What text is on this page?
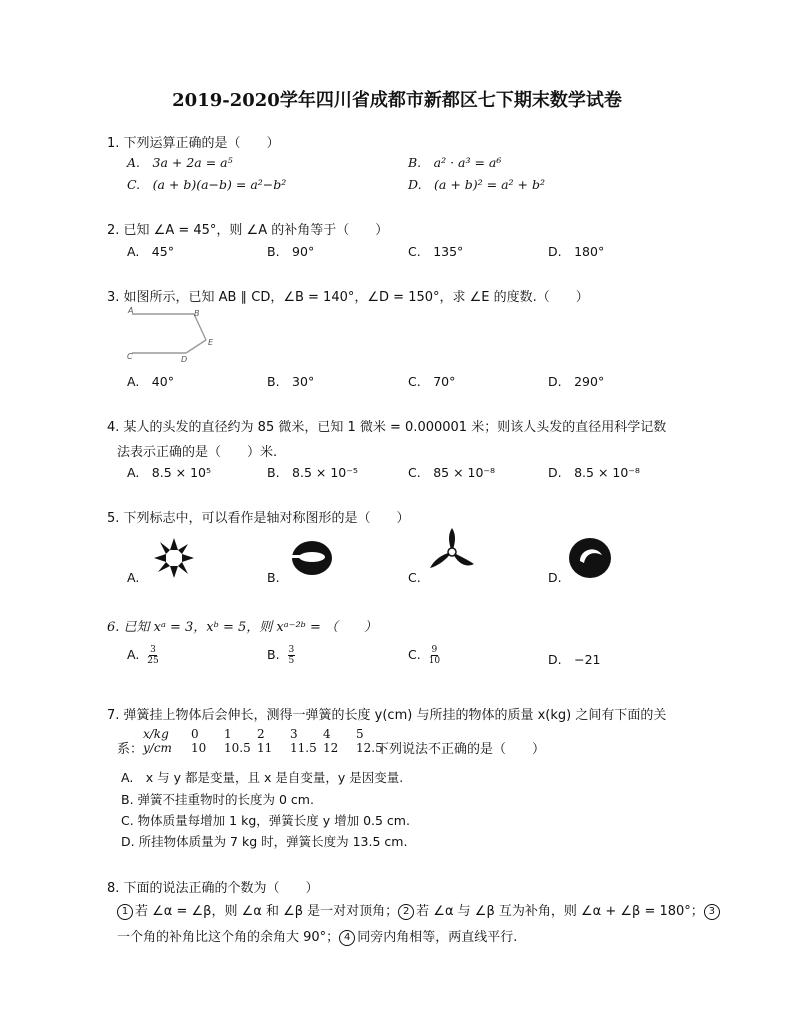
2019-2020学年四川省成都市新都区七下期末数学试卷
1. 下列运算正确的是（　　）
A.　3a + 2a = a⁵	B.　a² · a³ = a⁶
C.　(a + b)(a−b) = a²−b²	D.　(a + b)² = a² + b²
2. 已知 ∠A = 45°，则 ∠A 的补角等于（　　）
A.　45°	B.　90°	C.　135°	D.　180°
3. 如图所示，已知 AB ∥ CD，∠B = 140°，∠D = 150°，求 ∠E 的度数.（　　）
A	B
E
C	D
A.　40°	B.　30°	C.　70°	D.　290°
4. 某人的头发的直径约为 85 微米，已知 1 微米 = 0.000001 米；则该人头发的直径用科学记数
法表示正确的是（　　）米.
A.　8.5 × 10⁵	B.　8.5 × 10⁻⁵	C.　85 × 10⁻⁸	D.　8.5 × 10⁻⁸
5. 下列标志中，可以看作是轴对称图形的是（　　）
A.	B.	C.	D.
6. 已知 xᵃ = 3，xᵇ = 5，则 xᵃ⁻²ᵇ = （　　）
A. $\frac{3}{25}$	B. $\frac{3}{5}$	C. $\frac{9}{10}$	D.　−21
7. 弹簧挂上物体后会伸长，测得一弹簧的长度 y(cm) 与所挂的物体的质量 x(kg) 之间有下面的关
系：
x/kg	0	1	2	3	4	5
y/cm	10	10.5 11	11.5 12	12.5
下列说法不正确的是（　　）
A.　x 与 y 都是变量，且 x 是自变量，y 是因变量.
B. 弹簧不挂重物时的长度为 0 cm.
C. 物体质量每增加 1 kg，弹簧长度 y 增加 0.5 cm.
D. 所挂物体质量为 7 kg 时，弹簧长度为 13.5 cm.
8. 下面的说法正确的个数为（　　）
1 若 ∠α = ∠β，则 ∠α 和 ∠β 是一对对顶角； 2 若 ∠α 与 ∠β 互为补角，则 ∠α + ∠β = 180°； 3
一个角的补角比这个角的余角大 90°； 4 同旁内角相等，两直线平行.
